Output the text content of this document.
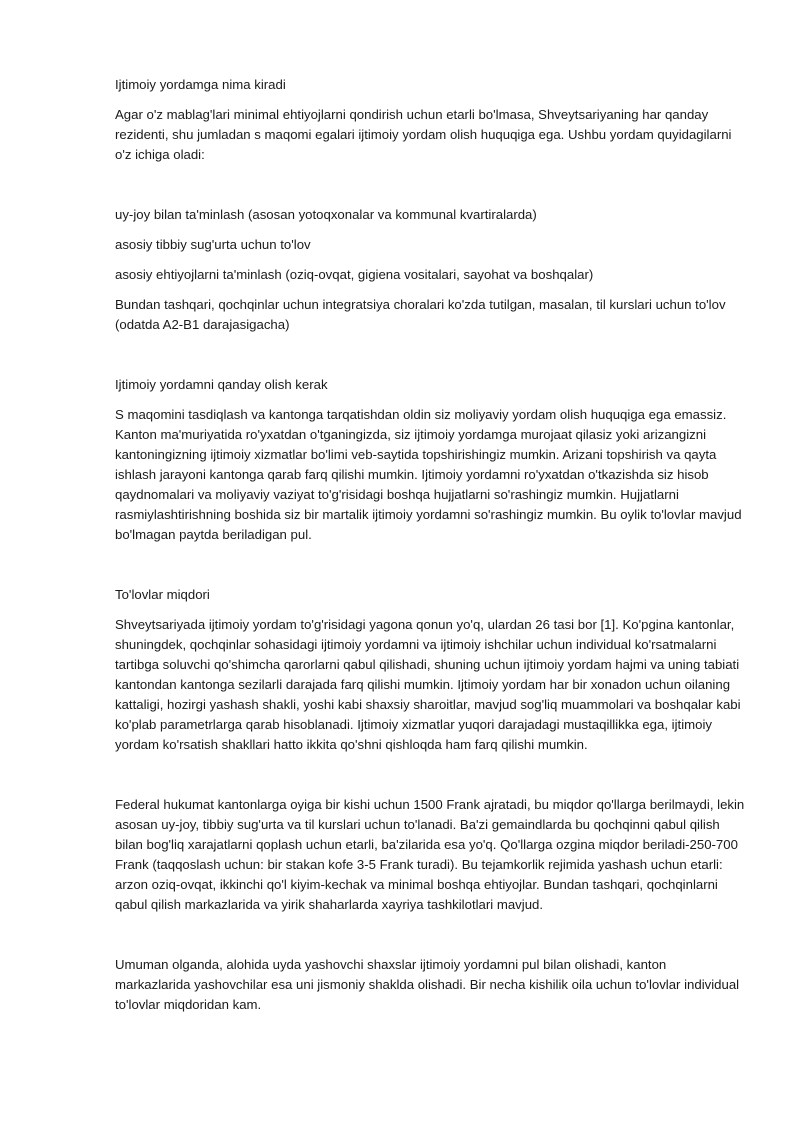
Ijtimoiy yordamga nima kiradi

Agar o'z mablag'lari minimal ehtiyojlarni qondirish uchun etarli bo'lmasa, Shveytsariyaning har qanday rezidenti, shu jumladan s maqomi egalari ijtimoiy yordam olish huquqiga ega. Ushbu yordam quyidagilarni o'z ichiga oladi:

uy-joy bilan ta'minlash (asosan yotoqxonalar va kommunal kvartiralarda)

asosiy tibbiy sug'urta uchun to'lov

asosiy ehtiyojlarni ta'minlash (oziq-ovqat, gigiena vositalari, sayohat va boshqalar)

Bundan tashqari, qochqinlar uchun integratsiya choralari ko'zda tutilgan, masalan, til kurslari uchun to'lov (odatda A2-B1 darajasigacha)

Ijtimoiy yordamni qanday olish kerak

S maqomini tasdiqlash va kantonga tarqatishdan oldin siz moliyaviy yordam olish huquqiga ega emassiz. Kanton ma'muriyatida ro'yxatdan o'tganingizda, siz ijtimoiy yordamga murojaat qilasiz yoki arizangizni kantoningizning ijtimoiy xizmatlar bo'limi veb-saytida topshirishingiz mumkin. Arizani topshirish va qayta ishlash jarayoni kantonga qarab farq qilishi mumkin. Ijtimoiy yordamni ro'yxatdan o'tkazishda siz hisob qaydnomalari va moliyaviy vaziyat to'g'risidagi boshqa hujjatlarni so'rashingiz mumkin. Hujjatlarni rasmiylashtirishning boshida siz bir martalik ijtimoiy yordamni so'rashingiz mumkin. Bu oylik to'lovlar mavjud bo'lmagan paytda beriladigan pul.

To'lovlar miqdori

Shveytsariyada ijtimoiy yordam to'g'risidagi yagona qonun yo'q, ulardan 26 tasi bor [1]. Ko'pgina kantonlar, shuningdek, qochqinlar sohasidagi ijtimoiy yordamni va ijtimoiy ishchilar uchun individual ko'rsatmalarni tartibga soluvchi qo'shimcha qarorlarni qabul qilishadi, shuning uchun ijtimoiy yordam hajmi va uning tabiati kantondan kantonga sezilarli darajada farq qilishi mumkin. Ijtimoiy yordam har bir xonadon uchun oilaning kattaligi, hozirgi yashash shakli, yoshi kabi shaxsiy sharoitlar, mavjud sog'liq muammolari va boshqalar kabi ko'plab parametrlarga qarab hisoblanadi. Ijtimoiy xizmatlar yuqori darajadagi mustaqillikka ega, ijtimoiy yordam ko'rsatish shakllari hatto ikkita qo'shni qishloqda ham farq qilishi mumkin.

Federal hukumat kantonlarga oyiga bir kishi uchun 1500 Frank ajratadi, bu miqdor qo'llarga berilmaydi, lekin asosan uy-joy, tibbiy sug'urta va til kurslari uchun to'lanadi. Ba'zi gemaindlarda bu qochqinni qabul qilish bilan bog'liq xarajatlarni qoplash uchun etarli, ba'zilarida esa yo'q. Qo'llarga ozgina miqdor beriladi-250-700 Frank (taqqoslash uchun: bir stakan kofe 3-5 Frank turadi). Bu tejamkorlik rejimida yashash uchun etarli: arzon oziq-ovqat, ikkinchi qo'l kiyim-kechak va minimal boshqa ehtiyojlar. Bundan tashqari, qochqinlarni qabul qilish markazlarida va yirik shaharlarda xayriya tashkilotlari mavjud.

Umuman olganda, alohida uyda yashovchi shaxslar ijtimoiy yordamni pul bilan olishadi, kanton markazlarida yashovchilar esa uni jismoniy shaklda olishadi. Bir necha kishilik oila uchun to'lovlar individual to'lovlar miqdoridan kam.
